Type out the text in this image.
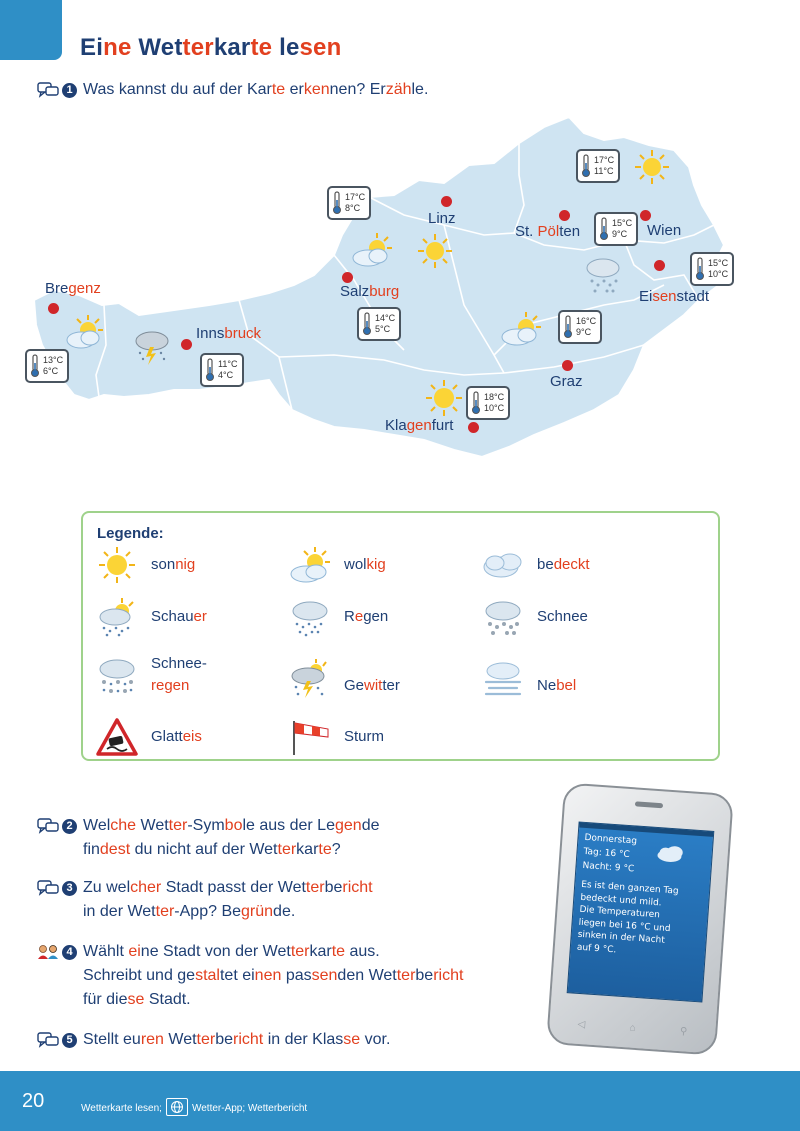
Eine Wetterkarte lesen
1 Was kannst du auf der Karte erkennen? Erzähle.
Bregenz
Innsbruck
Salzburg
Linz
St. Pölten	Wien
Eisenstadt
Graz
Klagenfurt
13°C
6°C
11°C
4°C
17°C
8°C
14°C
5°C
17°C
11°C
15°C
9°C
15°C
10°C
16°C
9°C
18°C
10°C
Legende:
sonnig	wolkig	bedeckt
Schauer	Regen	Schnee
Schnee-
regen	Gewitter	Nebel
Glatteis	Sturm
2 Welche Wetter-Symbole aus der Legende
findest du nicht auf der Wetterkarte?
3 Zu welcher Stadt passt der Wetterbericht
in der Wetter-App? Begründe.
4 Wählt eine Stadt von der Wetterkarte aus.
Schreibt und gestaltet einen passenden Wetterbericht
für diese Stadt.
5 Stellt euren Wetterbericht in der Klasse vor.
Donnerstag
Tag: 16 °C
Nacht: 9 °C
Es ist den ganzen Tag
bedeckt und mild.
Die Temperaturen
liegen bei 16 °C und
sinken in der Nacht
auf 9 °C.
◁	⌂	⚲
20	Wetterkarte lesen;	Wetter-App; Wetterbericht
